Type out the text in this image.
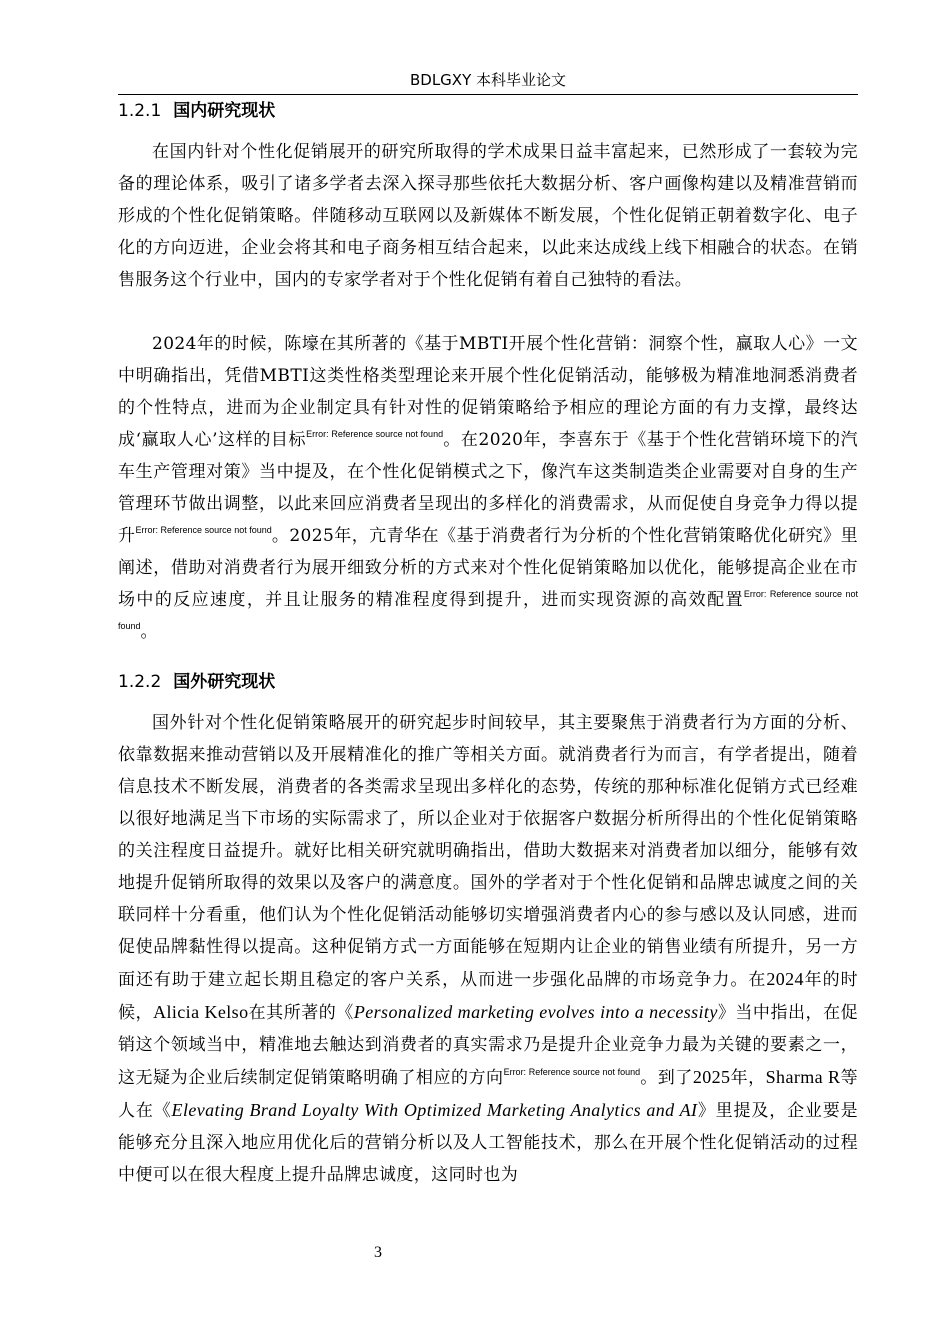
BDLGXY 本科毕业论文
1.2.1 国内研究现状
在国内针对个性化促销展开的研究所取得的学术成果日益丰富起来，已然形成了一套较为完备的理论体系，吸引了诸多学者去深入探寻那些依托大数据分析、客户画像构建以及精准营销而形成的个性化促销策略。伴随移动互联网以及新媒体不断发展，个性化促销正朝着数字化、电子化的方向迈进，企业会将其和电子商务相互结合起来，以此来达成线上线下相融合的状态。在销售服务这个行业中，国内的专家学者对于个性化促销有着自己独特的看法。
2024年的时候，陈壕在其所著的《基于MBTI开展个性化营销：洞察个性，赢取人心》一文中明确指出，凭借MBTI这类性格类型理论来开展个性化促销活动，能够极为精准地洞悉消费者的个性特点，进而为企业制定具有针对性的促销策略给予相应的理论方面的有力支撑，最终达成‘赢取人心’这样的目标$^{Error: Reference source not found}$。在2020年，李喜东于《基于个性化营销环境下的汽车生产管理对策》当中提及，在个性化促销模式之下，像汽车这类制造类企业需要对自身的生产管理环节做出调整，以此来回应消费者呈现出的多样化的消费需求，从而促使自身竞争力得以提升$^{Error: Reference source not found}$。2025年，亢青华在《基于消费者行为分析的个性化营销策略优化研究》里阐述，借助对消费者行为展开细致分析的方式来对个性化促销策略加以优化，能够提高企业在市场中的反应速度，并且让服务的精准程度得到提升，进而实现资源的高效配置$^{Error: Reference source not found}$。
1.2.2 国外研究现状
国外针对个性化促销策略展开的研究起步时间较早，其主要聚焦于消费者行为方面的分析、依靠数据来推动营销以及开展精准化的推广等相关方面。就消费者行为而言，有学者提出，随着信息技术不断发展，消费者的各类需求呈现出多样化的态势，传统的那种标准化促销方式已经难以很好地满足当下市场的实际需求了，所以企业对于依据客户数据分析所得出的个性化促销策略的关注程度日益提升。就好比相关研究就明确指出，借助大数据来对消费者加以细分，能够有效地提升促销所取得的效果以及客户的满意度。国外的学者对于个性化促销和品牌忠诚度之间的关联同样十分看重，他们认为个性化促销活动能够切实增强消费者内心的参与感以及认同感，进而促使品牌黏性得以提高。这种促销方式一方面能够在短期内让企业的销售业绩有所提升，另一方面还有助于建立起长期且稳定的客户关系，从而进一步强化品牌的市场竞争力。在2024年的时候，Alicia Kelso在其所著的《Personalized marketing evolves into a necessity》当中指出，在促销这个领域当中，精准地去触达到消费者的真实需求乃是提升企业竞争力最为关键的要素之一，这无疑为企业后续制定促销策略明确了相应的方向$^{Error: Reference source not found}$。到了2025年，Sharma R等人在《Elevating Brand Loyalty With Optimized Marketing Analytics and AI》里提及，企业要是能够充分且深入地应用优化后的营销分析以及人工智能技术，那么在开展个性化促销活动的过程中便可以在很大程度上提升品牌忠诚度，这同时也为
3
